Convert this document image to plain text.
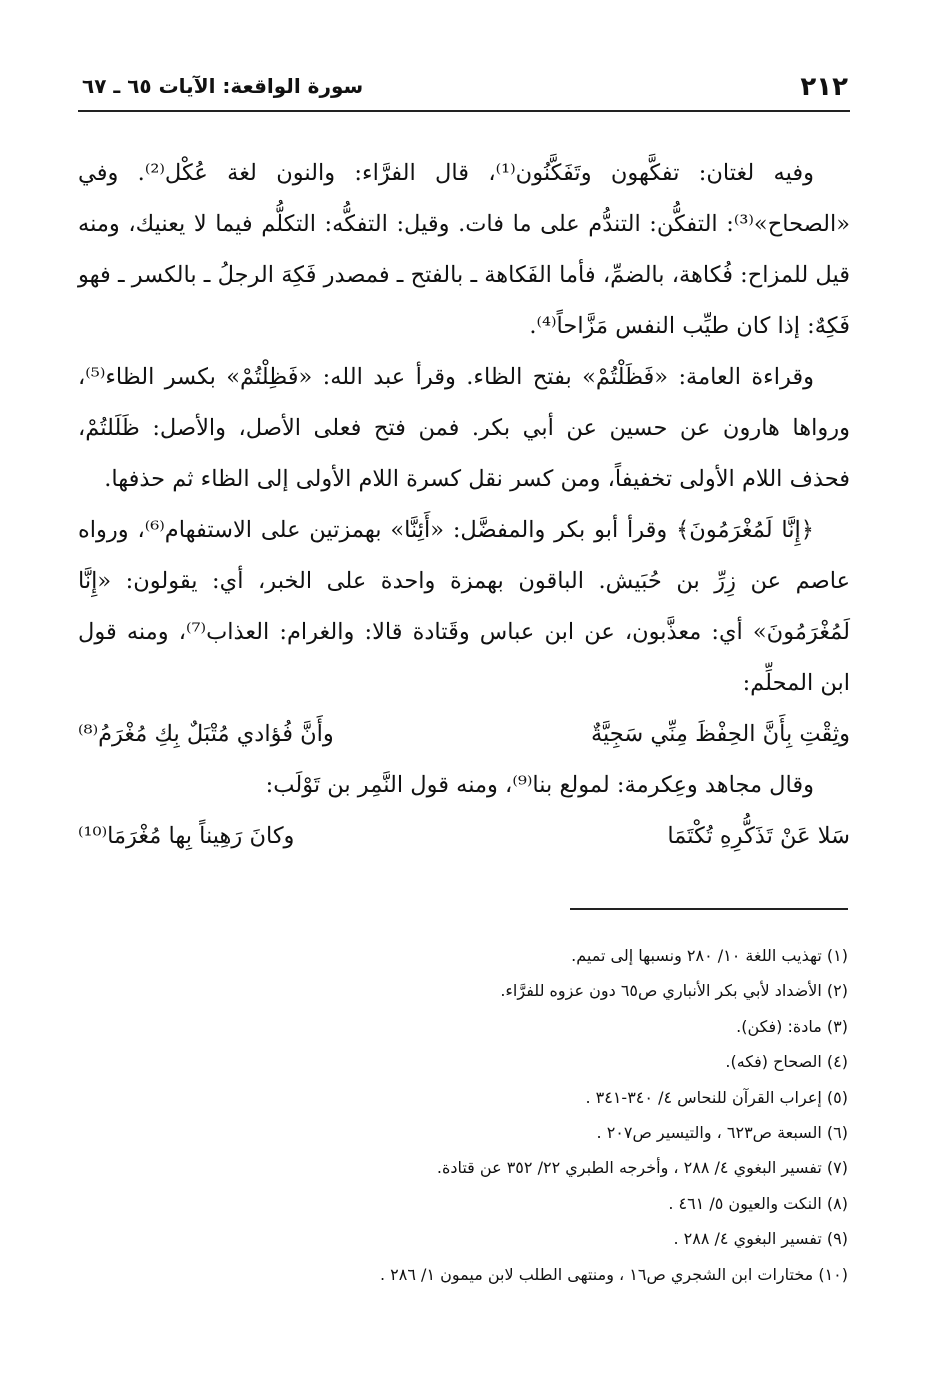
٢١٢
سورة الواقعة: الآيات ٦٥ ـ ٦٧

وفيه لغتان: تفكَّهون وتَفَكَّنُون⁽¹⁾، قال الفرَّاء: والنون لغة عُكْل⁽²⁾. وفي «الصحاح»⁽³⁾: التفكُّن: التندُّم على ما فات. وقيل: التفكُّه: التكلُّم فيما لا يعنيك، ومنه قيل للمزاح: فُكاهة، بالضمِّ، فأما الفَكاهة ـ بالفتح ـ فمصدر فَكِهَ الرجلُ ـ بالكسر ـ فهو فَكِهٌ: إذا كان طيِّب النفس مَزَّاحاً⁽⁴⁾.

وقراءة العامة: «فَظَلْتُمْ» بفتح الظاء. وقرأ عبد الله: «فَظِلْتُمْ» بكسر الظاء⁽⁵⁾، ورواها هارون عن حسين عن أبي بكر. فمن فتح فعلى الأصل، والأصل: ظَلَلتُمْ، فحذف اللام الأولى تخفيفاً، ومن كسر نقل كسرة اللام الأولى إلى الظاء ثم حذفها.

﴿إِنَّا لَمُغْرَمُونَ﴾ وقرأ أبو بكر والمفضَّل: «أَئِنَّا» بهمزتين على الاستفهام⁽⁶⁾، ورواه عاصم عن زِرِّ بن حُبَيش. الباقون بهمزة واحدة على الخبر، أي: يقولون: «إِنَّا لَمُغْرَمُونَ» أي: معذَّبون، عن ابن عباس وقَتادة قالا: والغرام: العذاب⁽⁷⁾، ومنه قول ابن المحلِّم:

وثِقْتِ بِأَنَّ الحِفْظَ مِنِّي سَجِيَّةٌ
وأَنَّ فُؤادي مُتْبَلٌ بِكِ مُغْرَمُ⁽⁸⁾

وقال مجاهد وعِكرمة: لمولع بنا⁽⁹⁾، ومنه قول النَّمِر بن تَوْلَب:

سَلا عَنْ تَذَكُّرِهِ تُكْتَمَا
وكانَ رَهِيناً بِها مُغْرَمَا⁽¹⁰⁾
(١) تهذيب اللغة ١٠/ ٢٨٠ ونسبها إلى تميم.
(٢) الأضداد لأبي بكر الأنباري ص٦٥ دون عزوه للفرَّاء.
(٣) مادة: (فكن).
(٤) الصحاح (فكه).
(٥) إعراب القرآن للنحاس ٤/ ٣٤٠-٣٤١ .
(٦) السبعة ص٦٢٣ ، والتيسير ص٢٠٧ .
(٧) تفسير البغوي ٤/ ٢٨٨ ، وأخرجه الطبري ٢٢/ ٣٥٢ عن قتادة.
(٨) النكت والعيون ٥/ ٤٦١ .
(٩) تفسير البغوي ٤/ ٢٨٨ .
(١٠) مختارات ابن الشجري ص١٦ ، ومنتهى الطلب لابن ميمون ١/ ٢٨٦ .
